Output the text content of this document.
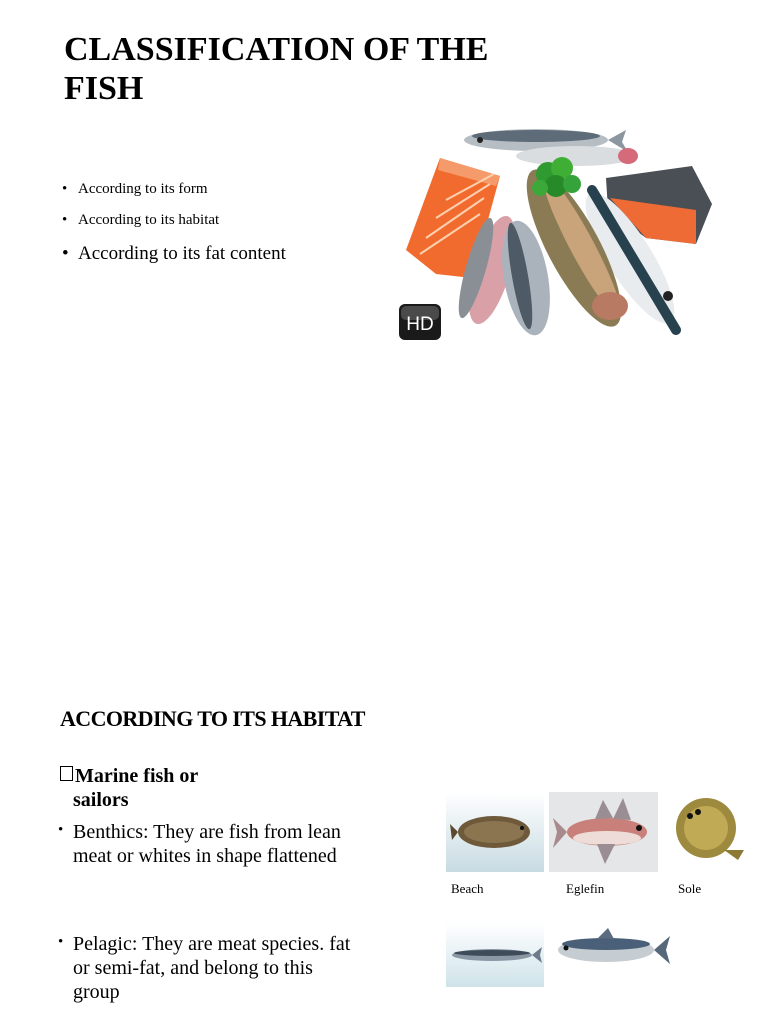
CLASSIFICATION OF THE FISH
• According to its form
• According to its habitat
• According to its fat content
HD
ACCORDING TO ITS HABITAT

Marine fish or
sailors

• Benthics: They are fish from lean meat or whites in shape flattened
• Pelagic: They are meat species. fat or semi-fat, and belong to this group
Beach	Eglefin	Sole
